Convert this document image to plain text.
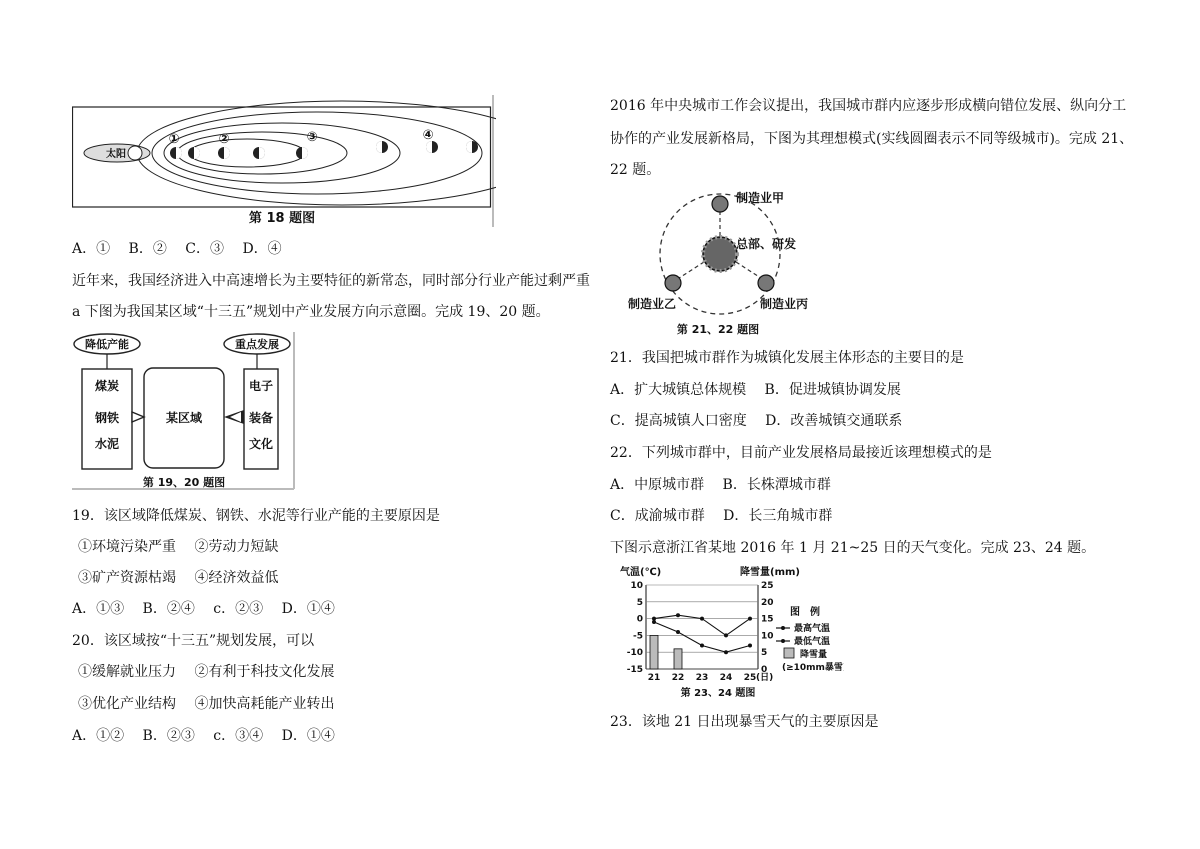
太阳
①	②	③	④
第 18 题图
A．①　 B．②　 C．③　 D．④
近年来，我国经济进入中高速增长为主要特征的新常态，同时部分行业产能过剩严重
a 下图为我国某区域“十三五”规划中产业发展方向示意圈。完成 19、20 题。
降低产能
煤炭
钢铁
水泥
某区域
重点发展
电子
装备
文化
第 19、20 题图
19．该区域降低煤炭、钢铁、水泥等行业产能的主要原因是
①环境污染严重　 ②劳动力短缺
③矿产资源枯竭　 ④经济效益低
A．①③　 B．②④　 c．②③　 D．①④
20．该区域按“十三五”规划发展，可以
①缓解就业压力　 ②有利于科技文化发展
③优化产业结构　 ④加快高耗能产业转出
A．①②　 B．②③　 c．③④　 D．①④
2016 年中央城市工作会议提出，我国城市群内应逐步形成横向错位发展、纵向分工
协作的产业发展新格局，下图为其理想模式(实线圆圈表示不同等级城市)。完成 21、
22 题。
制造业甲
总部、研发
制造业乙	制造业丙
第 21、22 题图
21．我国把城市群作为城镇化发展主体形态的主要目的是
A．扩大城镇总体规模　 B．促进城镇协调发展
C．提高城镇人口密度　 D．改善城镇交通联系
22．下列城市群中，目前产业发展格局最接近该理想模式的是
A．中原城市群　 B．长株潭城市群
C．成渝城市群　 D．长三角城市群
下图示意浙江省某地 2016 年 1 月 21~25 日的天气变化。完成 23、24 题。
气温(℃)	降雪量(mm)
10
5
0
-5
-10
-15
25
20
15
10
5
0
21 22 23 24 25 (日)
图　例
最高气温
最低气温
降雪量
(≥10mm暴雪)
第 23、24 题图
23．该地 21 日出现暴雪天气的主要原因是
